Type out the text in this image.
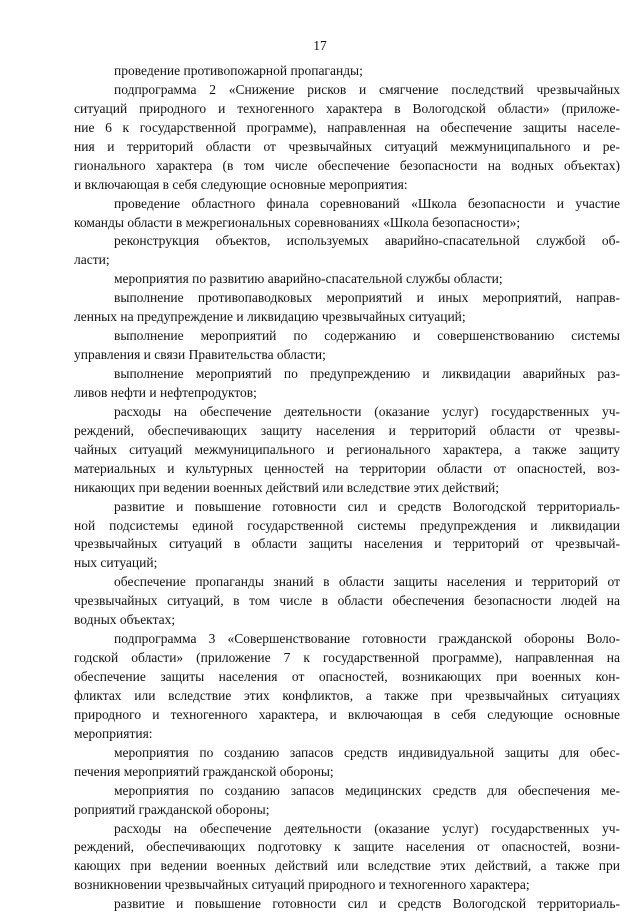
17
проведение противопожарной пропаганды;
подпрограмма 2 «Снижение рисков и смягчение последствий чрезвычайных
ситуаций природного и техногенного характера в Вологодской области» (приложе-
ние 6 к государственной программе), направленная на обеспечение защиты населе-
ния и территорий области от чрезвычайных ситуаций межмуниципального и ре-
гионального характера (в том числе обеспечение безопасности на водных объектах)
и включающая в себя следующие основные мероприятия:
проведение областного финала соревнований «Школа безопасности и участие
команды области в межрегиональных соревнованиях «Школа безопасности»;
реконструкция объектов, используемых аварийно-спасательной службой об-
ласти;
мероприятия по развитию аварийно-спасательной службы области;
выполнение противопаводковых мероприятий и иных мероприятий, направ-
ленных на предупреждение и ликвидацию чрезвычайных ситуаций;
выполнение мероприятий по содержанию и совершенствованию системы
управления и связи Правительства области;
выполнение мероприятий по предупреждению и ликвидации аварийных раз-
ливов нефти и нефтепродуктов;
расходы на обеспечение деятельности (оказание услуг) государственных уч-
реждений, обеспечивающих защиту населения и территорий области от чрезвы-
чайных ситуаций межмуниципального и регионального характера, а также защиту
материальных и культурных ценностей на территории области от опасностей, воз-
никающих при ведении военных действий или вследствие этих действий;
развитие и повышение готовности сил и средств Вологодской территориаль-
ной подсистемы единой государственной системы предупреждения и ликвидации
чрезвычайных ситуаций в области защиты населения и территорий от чрезвычай-
ных ситуаций;
обеспечение пропаганды знаний в области защиты населения и территорий от
чрезвычайных ситуаций, в том числе в области обеспечения безопасности людей на
водных объектах;
подпрограмма 3 «Совершенствование готовности гражданской обороны Воло-
годской области» (приложение 7 к государственной программе), направленная на
обеспечение защиты населения от опасностей, возникающих при военных кон-
фликтах или вследствие этих конфликтов, а также при чрезвычайных ситуациях
природного и техногенного характера, и включающая в себя следующие основные
мероприятия:
мероприятия по созданию запасов средств индивидуальной защиты для обес-
печения мероприятий гражданской обороны;
мероприятия по созданию запасов медицинских средств для обеспечения ме-
роприятий гражданской обороны;
расходы на обеспечение деятельности (оказание услуг) государственных уч-
реждений, обеспечивающих подготовку к защите населения от опасностей, возни-
кающих при ведении военных действий или вследствие этих действий, а также при
возникновении чрезвычайных ситуаций природного и техногенного характера;
развитие и повышение готовности сил и средств Вологодской территориаль-
